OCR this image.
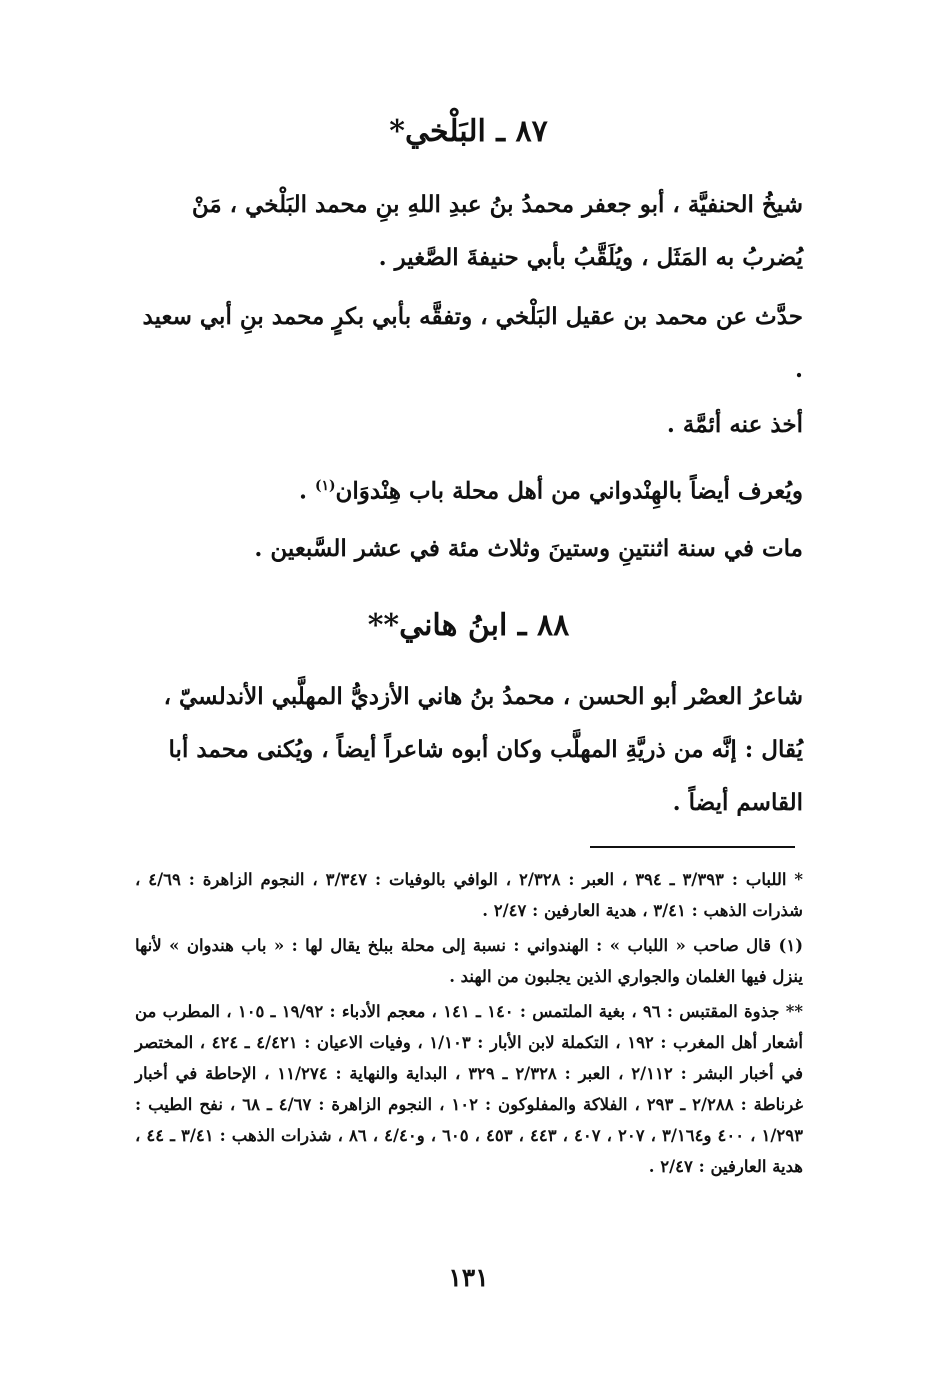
٨٧ ـ البَلْخي*

شيخُ الحنفيَّة ، أبو جعفر محمدُ بنُ عبدِ اللهِ بنِ محمد البَلْخي ، مَنْ يُضربُ به المَثَل ، ويُلَقَّبُ بأبي حنيفةَ الصَّغير .

حدَّث عن محمد بن عقيل البَلْخي ، وتفقَّه بأبي بكرٍ محمد بنِ أبي سعيد .

أخذ عنه أئمَّة .

ويُعرف أيضاً بالهِنْدواني من أهل محلة باب هِنْدوَان$^{(١)}$ .

مات في سنة اثنتينِ وستينَ وثلاث مئة في عشر السَّبعين .

٨٨ ـ ابنُ هاني**

شاعرُ العصْر أبو الحسن ، محمدُ بنُ هاني الأزديُّ المهلَّبي الأندلسيّ ، يُقال : إنَّه من ذريَّةِ المهلَّب وكان أبوه شاعراً أيضاً ، ويُكنى محمد أبا القاسم أيضاً .

* اللباب : ٣/٣٩٣ ـ ٣٩٤ ، العبر : ٢/٣٢٨ ، الوافي بالوفيات : ٣/٣٤٧ ، النجوم الزاهرة : ٤/٦٩ ، شذرات الذهب : ٣/٤١ ، هدية العارفين : ٢/٤٧ .

(١) قال صاحب « اللباب » : الهندواني : نسبة إلى محلة ببلخ يقال لها : « باب هندوان » لأنها ينزل فيها الغلمان والجواري الذين يجلبون من الهند .

** جذوة المقتبس : ٩٦ ، بغية الملتمس : ١٤٠ ـ ١٤١ ، معجم الأدباء : ١٩/٩٢ ـ ١٠٥ ، المطرب من أشعار أهل المغرب : ١٩٢ ، التكملة لابن الأبار : ١/١٠٣ ، وفيات الاعيان : ٤/٤٢١ ـ ٤٢٤ ، المختصر في أخبار البشر : ٢/١١٢ ، العبر : ٢/٣٢٨ ـ ٣٢٩ ، البداية والنهاية : ١١/٢٧٤ ، الإحاطة في أخبار غرناطة : ٢/٢٨٨ ـ ٢٩٣ ، الفلاكة والمفلوكون : ١٠٢ ، النجوم الزاهرة : ٤/٦٧ ـ ٦٨ ، نفح الطيب : ١/٢٩٣ ، ٤٠٠ و٣/١٦٤ ، ٢٠٧ ، ٤٠٧ ، ٤٤٣ ، ٤٥٣ ، ٦٠٥ ، و٤/٤٠ ، ٨٦ ، شذرات الذهب : ٣/٤١ ـ ٤٤ ، هدية العارفين : ٢/٤٧ .

١٣١
